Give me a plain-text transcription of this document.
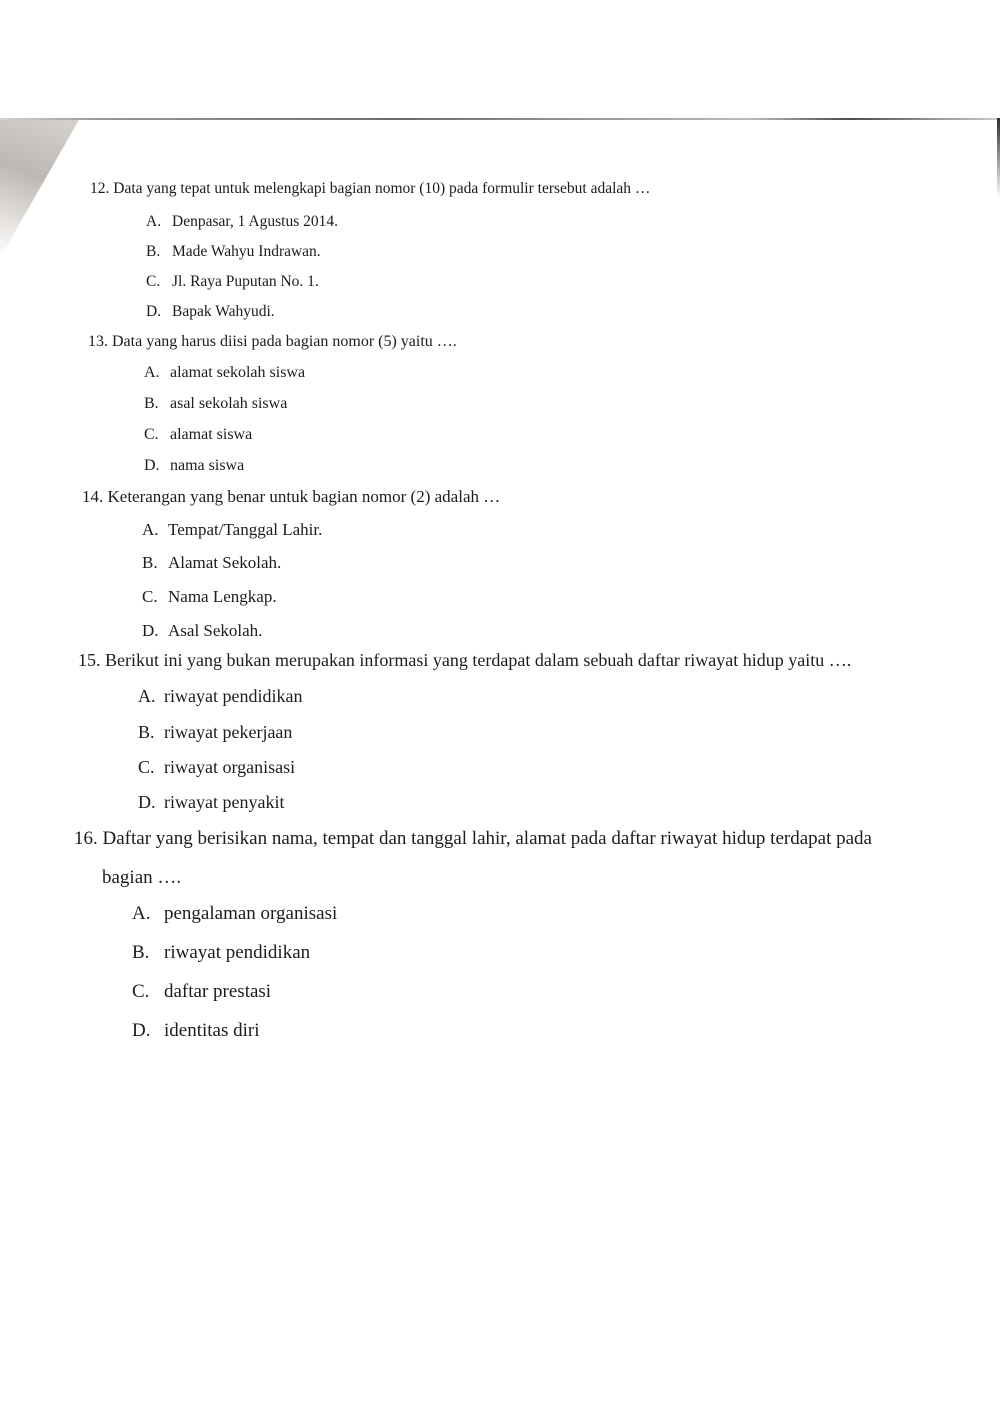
12. Data yang tepat untuk melengkapi bagian nomor (10) pada formulir tersebut adalah …
A. Denpasar, 1 Agustus 2014.
B. Made Wahyu Indrawan.
C. Jl. Raya Puputan No. 1.
D. Bapak Wahyudi.
13. Data yang harus diisi pada bagian nomor (5) yaitu ….
A. alamat sekolah siswa
B. asal sekolah siswa
C. alamat siswa
D. nama siswa
14. Keterangan yang benar untuk bagian nomor (2) adalah …
A. Tempat/Tanggal Lahir.
B. Alamat Sekolah.
C. Nama Lengkap.
D. Asal Sekolah.
15. Berikut ini yang bukan merupakan informasi yang terdapat dalam sebuah daftar riwayat hidup yaitu ….
A. riwayat pendidikan
B. riwayat pekerjaan
C. riwayat organisasi
D. riwayat penyakit
16. Daftar yang berisikan nama, tempat dan tanggal lahir, alamat pada daftar riwayat hidup terdapat pada
bagian ….
A. pengalaman organisasi
B. riwayat pendidikan
C. daftar prestasi
D. identitas diri
